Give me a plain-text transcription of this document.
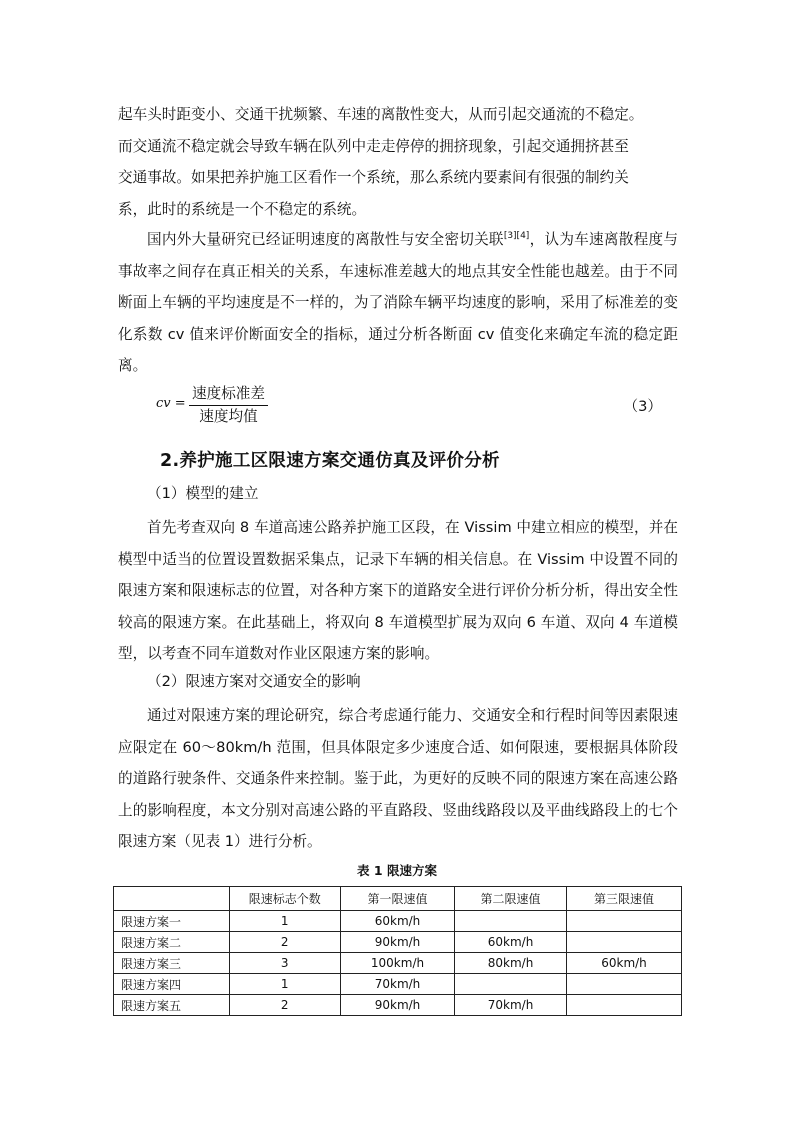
起车头时距变小、交通干扰频繁、车速的离散性变大，从而引起交通流的不稳定。

而交通流不稳定就会导致车辆在队列中走走停停的拥挤现象，引起交通拥挤甚至

交通事故。如果把养护施工区看作一个系统，那么系统内要素间有很强的制约关

系，此时的系统是一个不稳定的系统。

国内外大量研究已经证明速度的离散性与安全密切关联[3][4]，认为车速离散程度与事故率之间存在真正相关的关系，车速标准差越大的地点其安全性能也越差。由于不同断面上车辆的平均速度是不一样的，为了消除车辆平均速度的影响，采用了标准差的变化系数 cv 值来评价断面安全的指标，通过分析各断面 cv 值变化来确定车流的稳定距离。
cv =
速度标准差
速度均值
（3）
2.养护施工区限速方案交通仿真及评价分析

（1）模型的建立

首先考查双向 8 车道高速公路养护施工区段，在 Vissim 中建立相应的模型，并在模型中适当的位置设置数据采集点，记录下车辆的相关信息。在 Vissim 中设置不同的限速方案和限速标志的位置，对各种方案下的道路安全进行评价分析分析，得出安全性较高的限速方案。在此基础上，将双向 8 车道模型扩展为双向 6 车道、双向 4 车道模型，以考查不同车道数对作业区限速方案的影响。

（2）限速方案对交通安全的影响

通过对限速方案的理论研究，综合考虑通行能力、交通安全和行程时间等因素限速应限定在 60～80km/h 范围，但具体限定多少速度合适、如何限速，要根据具体阶段的道路行驶条件、交通条件来控制。鉴于此，为更好的反映不同的限速方案在高速公路上的影响程度，本文分别对高速公路的平直路段、竖曲线路段以及平曲线路段上的七个限速方案（见表 1）进行分析。

表 1 限速方案

	限速标志个数	第一限速值	第二限速值	第三限速值
限速方案一	1	60km/h		
限速方案二	2	90km/h	60km/h	
限速方案三	3	100km/h	80km/h	60km/h
限速方案四	1	70km/h		
限速方案五	2	90km/h	70km/h	
